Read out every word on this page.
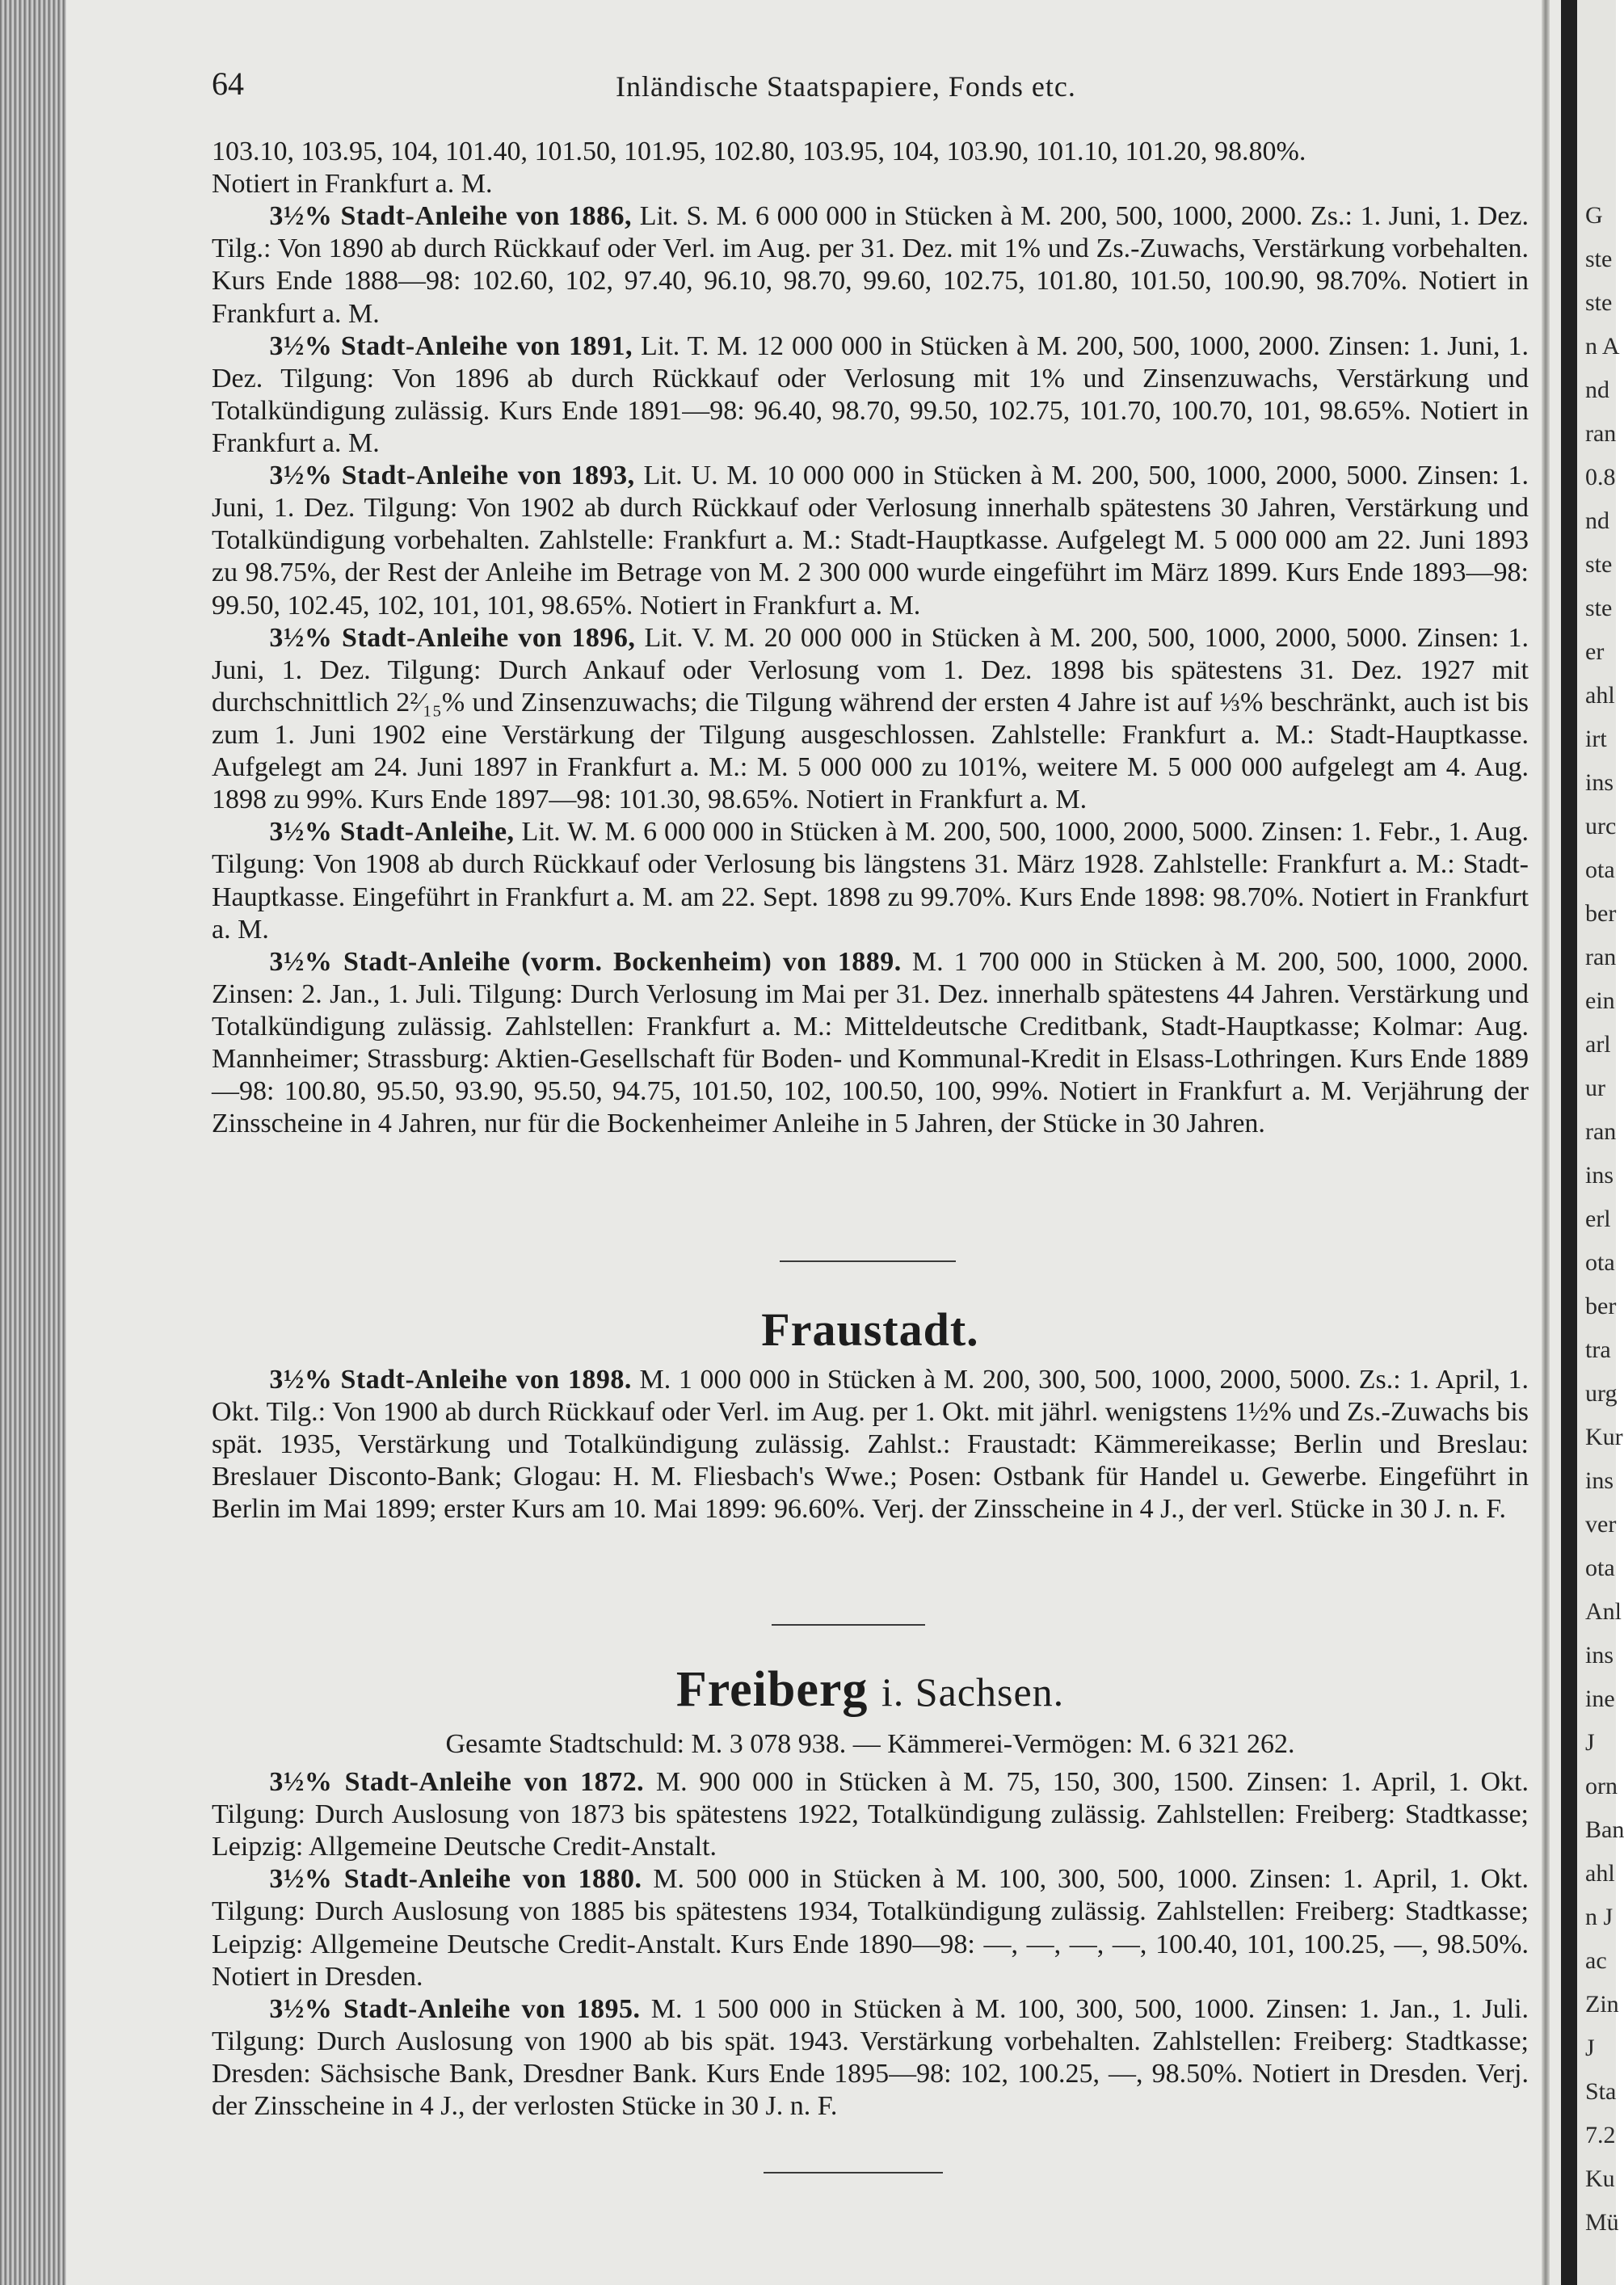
G
ste
ste
n A
nd
ran
0.8
nd
ste
ste
er
ahl
irt
ins
urc
ota
ber
ran
ein
arl
ur
ran
ins
erl
ota
ber
tra
urg
Kur
ins
ver
ota
Anl
ins
ine
J
orn
Ban
ahl
n J
ac
Zin
J
Sta
7.2
Ku
Mü
64	Inländische Staatspapiere, Fonds etc.

103.10, 103.95, 104, 101.40, 101.50, 101.95, 102.80, 103.95, 104, 103.90, 101.10, 101.20, 98.80%.

Notiert in Frankfurt a. M.

3½% Stadt-Anleihe von 1886, Lit. S. M. 6 000 000 in Stücken à M. 200, 500, 1000, 2000. Zs.: 1. Juni, 1. Dez. Tilg.: Von 1890 ab durch Rückkauf oder Verl. im Aug. per 31. Dez. mit 1% und Zs.-Zuwachs, Verstärkung vorbehalten. Kurs Ende 1888—98: 102.60, 102, 97.40, 96.10, 98.70, 99.60, 102.75, 101.80, 101.50, 100.90, 98.70%. Notiert in Frankfurt a. M.

3½% Stadt-Anleihe von 1891, Lit. T. M. 12 000 000 in Stücken à M. 200, 500, 1000, 2000. Zinsen: 1. Juni, 1. Dez. Tilgung: Von 1896 ab durch Rückkauf oder Verlosung mit 1% und Zinsenzuwachs, Verstärkung und Totalkündigung zulässig. Kurs Ende 1891—98: 96.40, 98.70, 99.50, 102.75, 101.70, 100.70, 101, 98.65%. Notiert in Frankfurt a. M.

3½% Stadt-Anleihe von 1893, Lit. U. M. 10 000 000 in Stücken à M. 200, 500, 1000, 2000, 5000. Zinsen: 1. Juni, 1. Dez. Tilgung: Von 1902 ab durch Rückkauf oder Verlosung innerhalb spätestens 30 Jahren, Verstärkung und Totalkündigung vorbehalten. Zahlstelle: Frankfurt a. M.: Stadt-Hauptkasse. Aufgelegt M. 5 000 000 am 22. Juni 1893 zu 98.75%, der Rest der Anleihe im Betrage von M. 2 300 000 wurde eingeführt im März 1899. Kurs Ende 1893—98: 99.50, 102.45, 102, 101, 101, 98.65%. Notiert in Frankfurt a. M.

3½% Stadt-Anleihe von 1896, Lit. V. M. 20 000 000 in Stücken à M. 200, 500, 1000, 2000, 5000. Zinsen: 1. Juni, 1. Dez. Tilgung: Durch Ankauf oder Verlosung vom 1. Dez. 1898 bis spätestens 31. Dez. 1927 mit durchschnittlich 2²⁄₁₅% und Zinsenzuwachs; die Tilgung während der ersten 4 Jahre ist auf ⅓% beschränkt, auch ist bis zum 1. Juni 1902 eine Verstärkung der Tilgung ausgeschlossen. Zahlstelle: Frankfurt a. M.: Stadt-Hauptkasse. Aufgelegt am 24. Juni 1897 in Frankfurt a. M.: M. 5 000 000 zu 101%, weitere M. 5 000 000 aufgelegt am 4. Aug. 1898 zu 99%. Kurs Ende 1897—98: 101.30, 98.65%. Notiert in Frankfurt a. M.

3½% Stadt-Anleihe, Lit. W. M. 6 000 000 in Stücken à M. 200, 500, 1000, 2000, 5000. Zinsen: 1. Febr., 1. Aug. Tilgung: Von 1908 ab durch Rückkauf oder Verlosung bis längstens 31. März 1928. Zahlstelle: Frankfurt a. M.: Stadt-Hauptkasse. Eingeführt in Frankfurt a. M. am 22. Sept. 1898 zu 99.70%. Kurs Ende 1898: 98.70%. Notiert in Frankfurt a. M.

3½% Stadt-Anleihe (vorm. Bockenheim) von 1889. M. 1 700 000 in Stücken à M. 200, 500, 1000, 2000. Zinsen: 2. Jan., 1. Juli. Tilgung: Durch Verlosung im Mai per 31. Dez. innerhalb spätestens 44 Jahren. Verstärkung und Totalkündigung zulässig. Zahlstellen: Frankfurt a. M.: Mitteldeutsche Creditbank, Stadt-Hauptkasse; Kolmar: Aug. Mannheimer; Strassburg: Aktien-Gesellschaft für Boden- und Kommunal-Kredit in Elsass-Lothringen. Kurs Ende 1889—98: 100.80, 95.50, 93.90, 95.50, 94.75, 101.50, 102, 100.50, 100, 99%. Notiert in Frankfurt a. M. Verjährung der Zinsscheine in 4 Jahren, nur für die Bockenheimer Anleihe in 5 Jahren, der Stücke in 30 Jahren.

Fraustadt.

3½% Stadt-Anleihe von 1898. M. 1 000 000 in Stücken à M. 200, 300, 500, 1000, 2000, 5000. Zs.: 1. April, 1. Okt. Tilg.: Von 1900 ab durch Rückkauf oder Verl. im Aug. per 1. Okt. mit jährl. wenigstens 1½% und Zs.-Zuwachs bis spät. 1935, Verstärkung und Totalkündigung zulässig. Zahlst.: Fraustadt: Kämmereikasse; Berlin und Breslau: Breslauer Disconto-Bank; Glogau: H. M. Fliesbach's Wwe.; Posen: Ostbank für Handel u. Gewerbe. Eingeführt in Berlin im Mai 1899; erster Kurs am 10. Mai 1899: 96.60%. Verj. der Zinsscheine in 4 J., der verl. Stücke in 30 J. n. F.

Freiberg i. Sachsen.
Gesamte Stadtschuld: M. 3 078 938. — Kämmerei-Vermögen: M. 6 321 262.

3½% Stadt-Anleihe von 1872. M. 900 000 in Stücken à M. 75, 150, 300, 1500. Zinsen: 1. April, 1. Okt. Tilgung: Durch Auslosung von 1873 bis spätestens 1922, Totalkündigung zulässig. Zahlstellen: Freiberg: Stadtkasse; Leipzig: Allgemeine Deutsche Credit-Anstalt.

3½% Stadt-Anleihe von 1880. M. 500 000 in Stücken à M. 100, 300, 500, 1000. Zinsen: 1. April, 1. Okt. Tilgung: Durch Auslosung von 1885 bis spätestens 1934, Totalkündigung zulässig. Zahlstellen: Freiberg: Stadtkasse; Leipzig: Allgemeine Deutsche Credit-Anstalt. Kurs Ende 1890—98: —, —, —, —, 100.40, 101, 100.25, —, 98.50%. Notiert in Dresden.

3½% Stadt-Anleihe von 1895. M. 1 500 000 in Stücken à M. 100, 300, 500, 1000. Zinsen: 1. Jan., 1. Juli. Tilgung: Durch Auslosung von 1900 ab bis spät. 1943. Verstärkung vorbehalten. Zahlstellen: Freiberg: Stadtkasse; Dresden: Sächsische Bank, Dresdner Bank. Kurs Ende 1895—98: 102, 100.25, —, 98.50%. Notiert in Dresden. Verj. der Zinsscheine in 4 J., der verlosten Stücke in 30 J. n. F.
